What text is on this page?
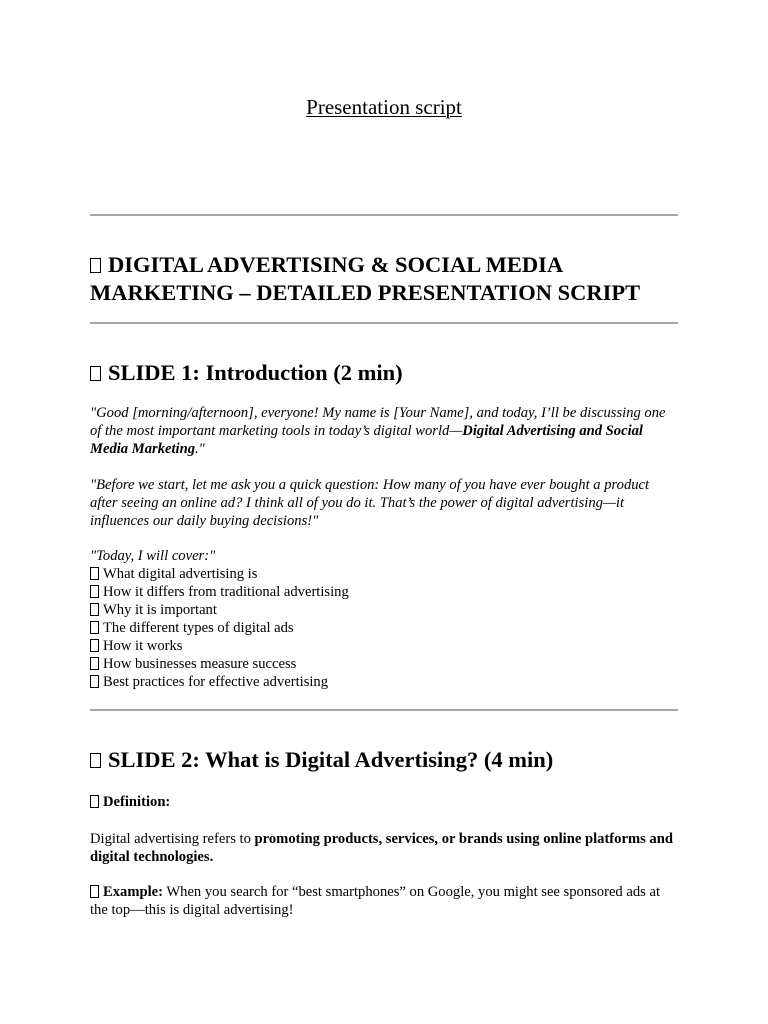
Presentation script
DIGITAL ADVERTISING & SOCIAL MEDIA MARKETING – DETAILED PRESENTATION SCRIPT
SLIDE 1: Introduction (2 min)
"Good [morning/afternoon], everyone! My name is [Your Name], and today, I’ll be discussing one of the most important marketing tools in today’s digital world—Digital Advertising and Social Media Marketing."
"Before we start, let me ask you a quick question: How many of you have ever bought a product after seeing an online ad? I think all of you do it. That’s the power of digital advertising—it influences our daily buying decisions!"
"Today, I will cover:"
What digital advertising is
How it differs from traditional advertising
Why it is important
The different types of digital ads
How it works
How businesses measure success
Best practices for effective advertising
SLIDE 2: What is Digital Advertising? (4 min)
Definition:
Digital advertising refers to promoting products, services, or brands using online platforms and digital technologies.
Example: When you search for “best smartphones” on Google, you might see sponsored ads at the top—this is digital advertising!
